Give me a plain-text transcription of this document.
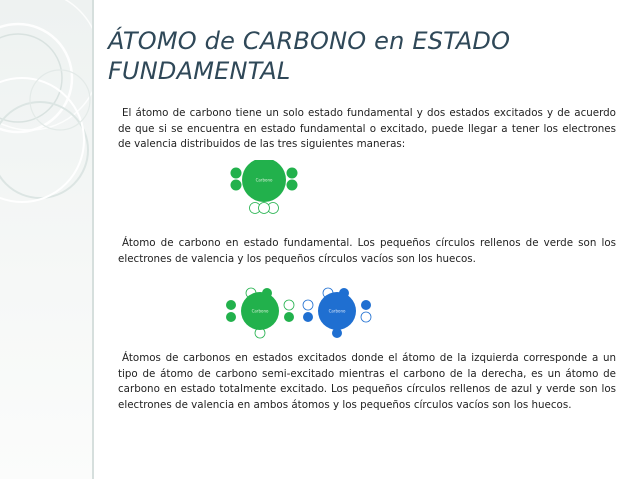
ÁTOMO de CARBONO en ESTADO FUNDAMENTAL
El átomo de carbono tiene un solo estado fundamental y dos estados excitados y de acuerdo de que si se encuentra en estado fundamental o excitado, puede llegar a tener los electrones de valencia distribuidos de las tres siguientes maneras:
Carbono
Átomo de carbono en estado fundamental. Los pequeños círculos rellenos de verde son los electrones de valencia y los pequeños círculos vacíos son los huecos.
Carbono	Carbono
Átomos de carbonos en estados excitados donde el átomo de la izquierda corresponde a un tipo de átomo de carbono semi-excitado mientras el carbono de la derecha, es un átomo de carbono en estado totalmente excitado. Los pequeños círculos rellenos de azul y verde son los electrones de valencia en ambos átomos y los pequeños círculos vacíos son los huecos.
